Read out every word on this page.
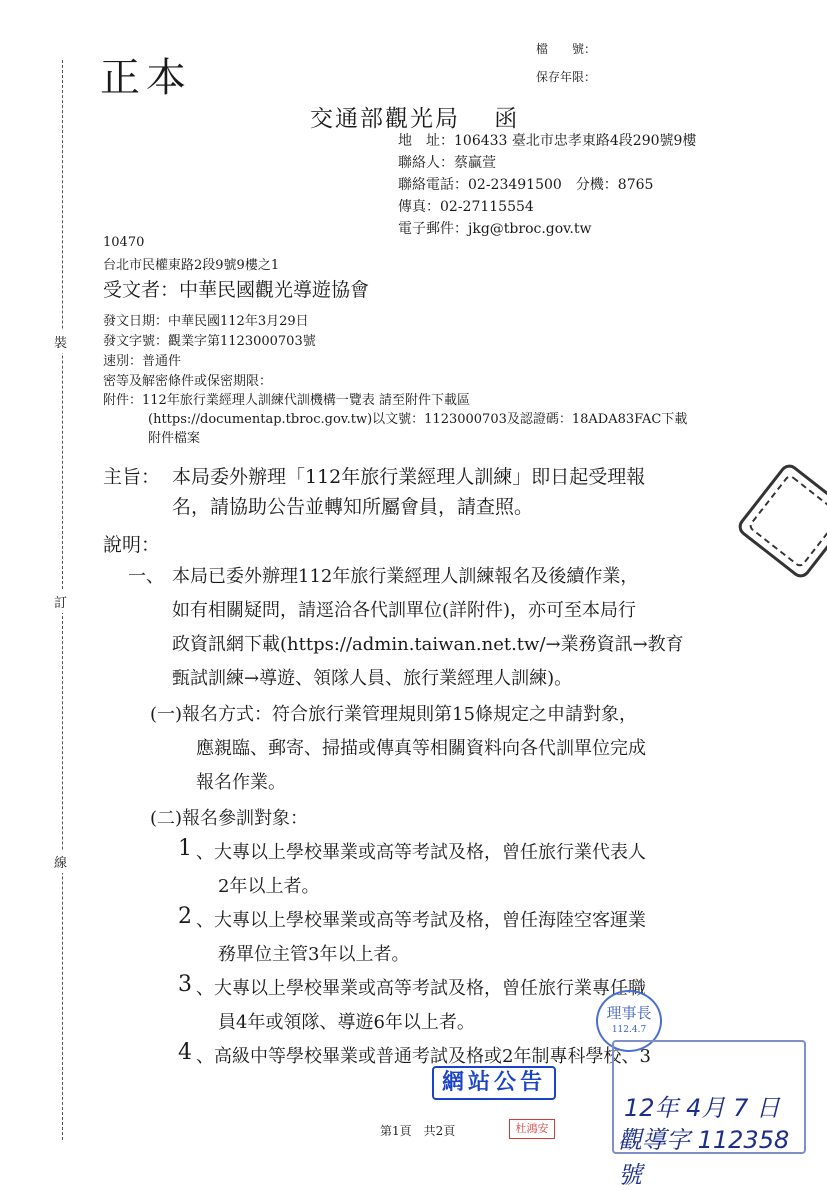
裝
訂
線
正本
檔　　號：
保存年限：
交通部觀光局　 函
地　址：106433 臺北市忠孝東路4段290號9樓
聯絡人：蔡贏萱
聯絡電話：02-23491500　分機：8765
傳真：02-27115554
電子郵件：jkg@tbroc.gov.tw
10470
台北市民權東路2段9號9樓之1
受文者：中華民國觀光導遊協會
發文日期：中華民國112年3月29日
發文字號：觀業字第1123000703號
速別：普通件
密等及解密條件或保密期限：
附件：112年旅行業經理人訓練代訓機構一覽表 請至附件下載區
(https://documentap.tbroc.gov.tw)以文號：1123000703及認證碼：18ADA83FAC下載
附件檔案
主旨： 本局委外辦理「112年旅行業經理人訓練」即日起受理報
名，請協助公告並轉知所屬會員，請查照。
說明：
一、 本局已委外辦理112年旅行業經理人訓練報名及後續作業，
如有相關疑問，請逕洽各代訓單位(詳附件)，亦可至本局行
政資訊網下載(https://admin.taiwan.net.tw/→業務資訊→教育
甄試訓練→導遊、領隊人員、旅行業經理人訓練)。
(一)報名方式：符合旅行業管理規則第15條規定之申請對象，
應親臨、郵寄、掃描或傳真等相關資料向各代訓單位完成
報名作業。
(二)報名參訓對象：
1 、大專以上學校畢業或高等考試及格，曾任旅行業代表人
2年以上者。
2 、大專以上學校畢業或高等考試及格，曾任海陸空客運業
務單位主管3年以上者。
3 、大專以上學校畢業或高等考試及格，曾任旅行業專任職
員4年或領隊、導遊6年以上者。
4 、高級中等學校畢業或普通考試及格或2年制專科學校、3
理事長
112.4.7
12年 4月 7 日
觀導字 112358 號
網站公告
第1頁　共2頁	杜鴻安
